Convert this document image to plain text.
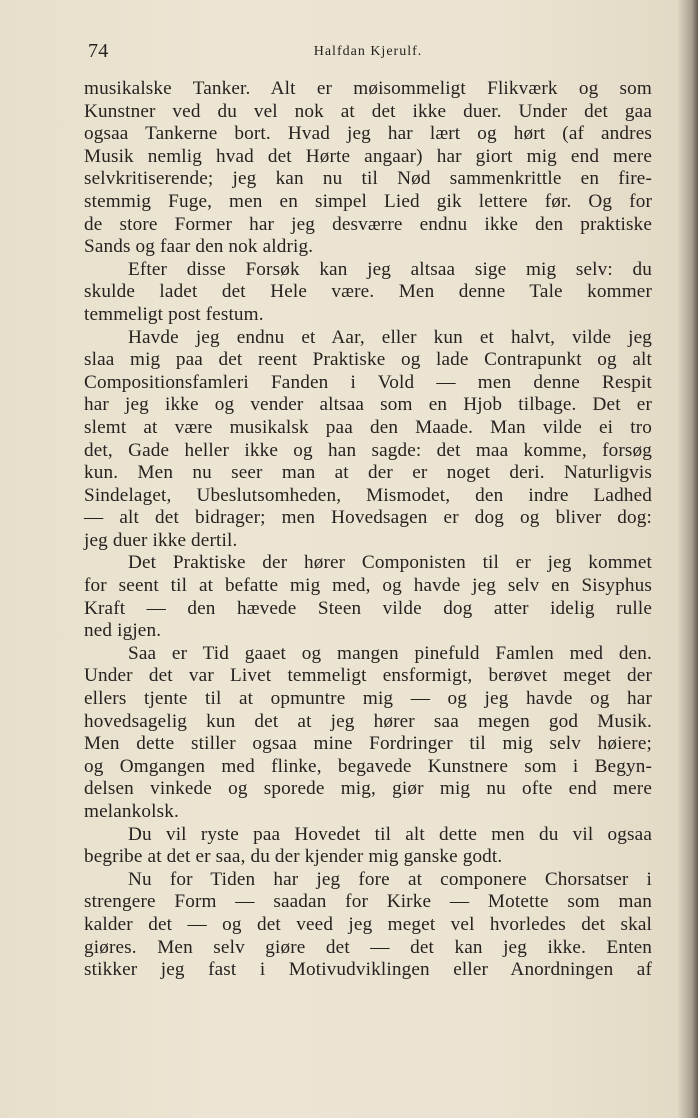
74	Halfdan Kjerulf.
musikalske Tanker. Alt er møisommeligt Flikværk og som
Kunstner ved du vel nok at det ikke duer. Under det gaa
ogsaa Tankerne bort. Hvad jeg har lært og hørt (af andres
Musik nemlig hvad det Hørte angaar) har giort mig end mere
selvkritiserende; jeg kan nu til Nød sammenkrittle en fire-
stemmig Fuge, men en simpel Lied gik lettere før. Og for
de store Former har jeg desværre endnu ikke den praktiske
Sands og faar den nok aldrig.
Efter disse Forsøk kan jeg altsaa sige mig selv: du
skulde ladet det Hele være. Men denne Tale kommer
temmeligt post festum.
Havde jeg endnu et Aar, eller kun et halvt, vilde jeg
slaa mig paa det reent Praktiske og lade Contrapunkt og alt
Compositionsfamleri Fanden i Vold — men denne Respit
har jeg ikke og vender altsaa som en Hjob tilbage. Det er
slemt at være musikalsk paa den Maade. Man vilde ei tro
det, Gade heller ikke og han sagde: det maa komme, forsøg
kun. Men nu seer man at der er noget deri. Naturligvis
Sindelaget, Ubeslutsomheden, Mismodet, den indre Ladhed
— alt det bidrager; men Hovedsagen er dog og bliver dog:
jeg duer ikke dertil.
Det Praktiske der hører Componisten til er jeg kommet
for seent til at befatte mig med, og havde jeg selv en Sisyphus
Kraft — den hævede Steen vilde dog atter idelig rulle
ned igjen.
Saa er Tid gaaet og mangen pinefuld Famlen med den.
Under det var Livet temmeligt ensformigt, berøvet meget der
ellers tjente til at opmuntre mig — og jeg havde og har
hovedsagelig kun det at jeg hører saa megen god Musik.
Men dette stiller ogsaa mine Fordringer til mig selv høiere;
og Omgangen med flinke, begavede Kunstnere som i Begyn-
delsen vinkede og sporede mig, giør mig nu ofte end mere
melankolsk.
Du vil ryste paa Hovedet til alt dette men du vil ogsaa
begribe at det er saa, du der kjender mig ganske godt.
Nu for Tiden har jeg fore at componere Chorsatser i
strengere Form — saadan for Kirke — Motette som man
kalder det — og det veed jeg meget vel hvorledes det skal
giøres. Men selv giøre det — det kan jeg ikke. Enten
stikker jeg fast i Motivudviklingen eller Anordningen af
